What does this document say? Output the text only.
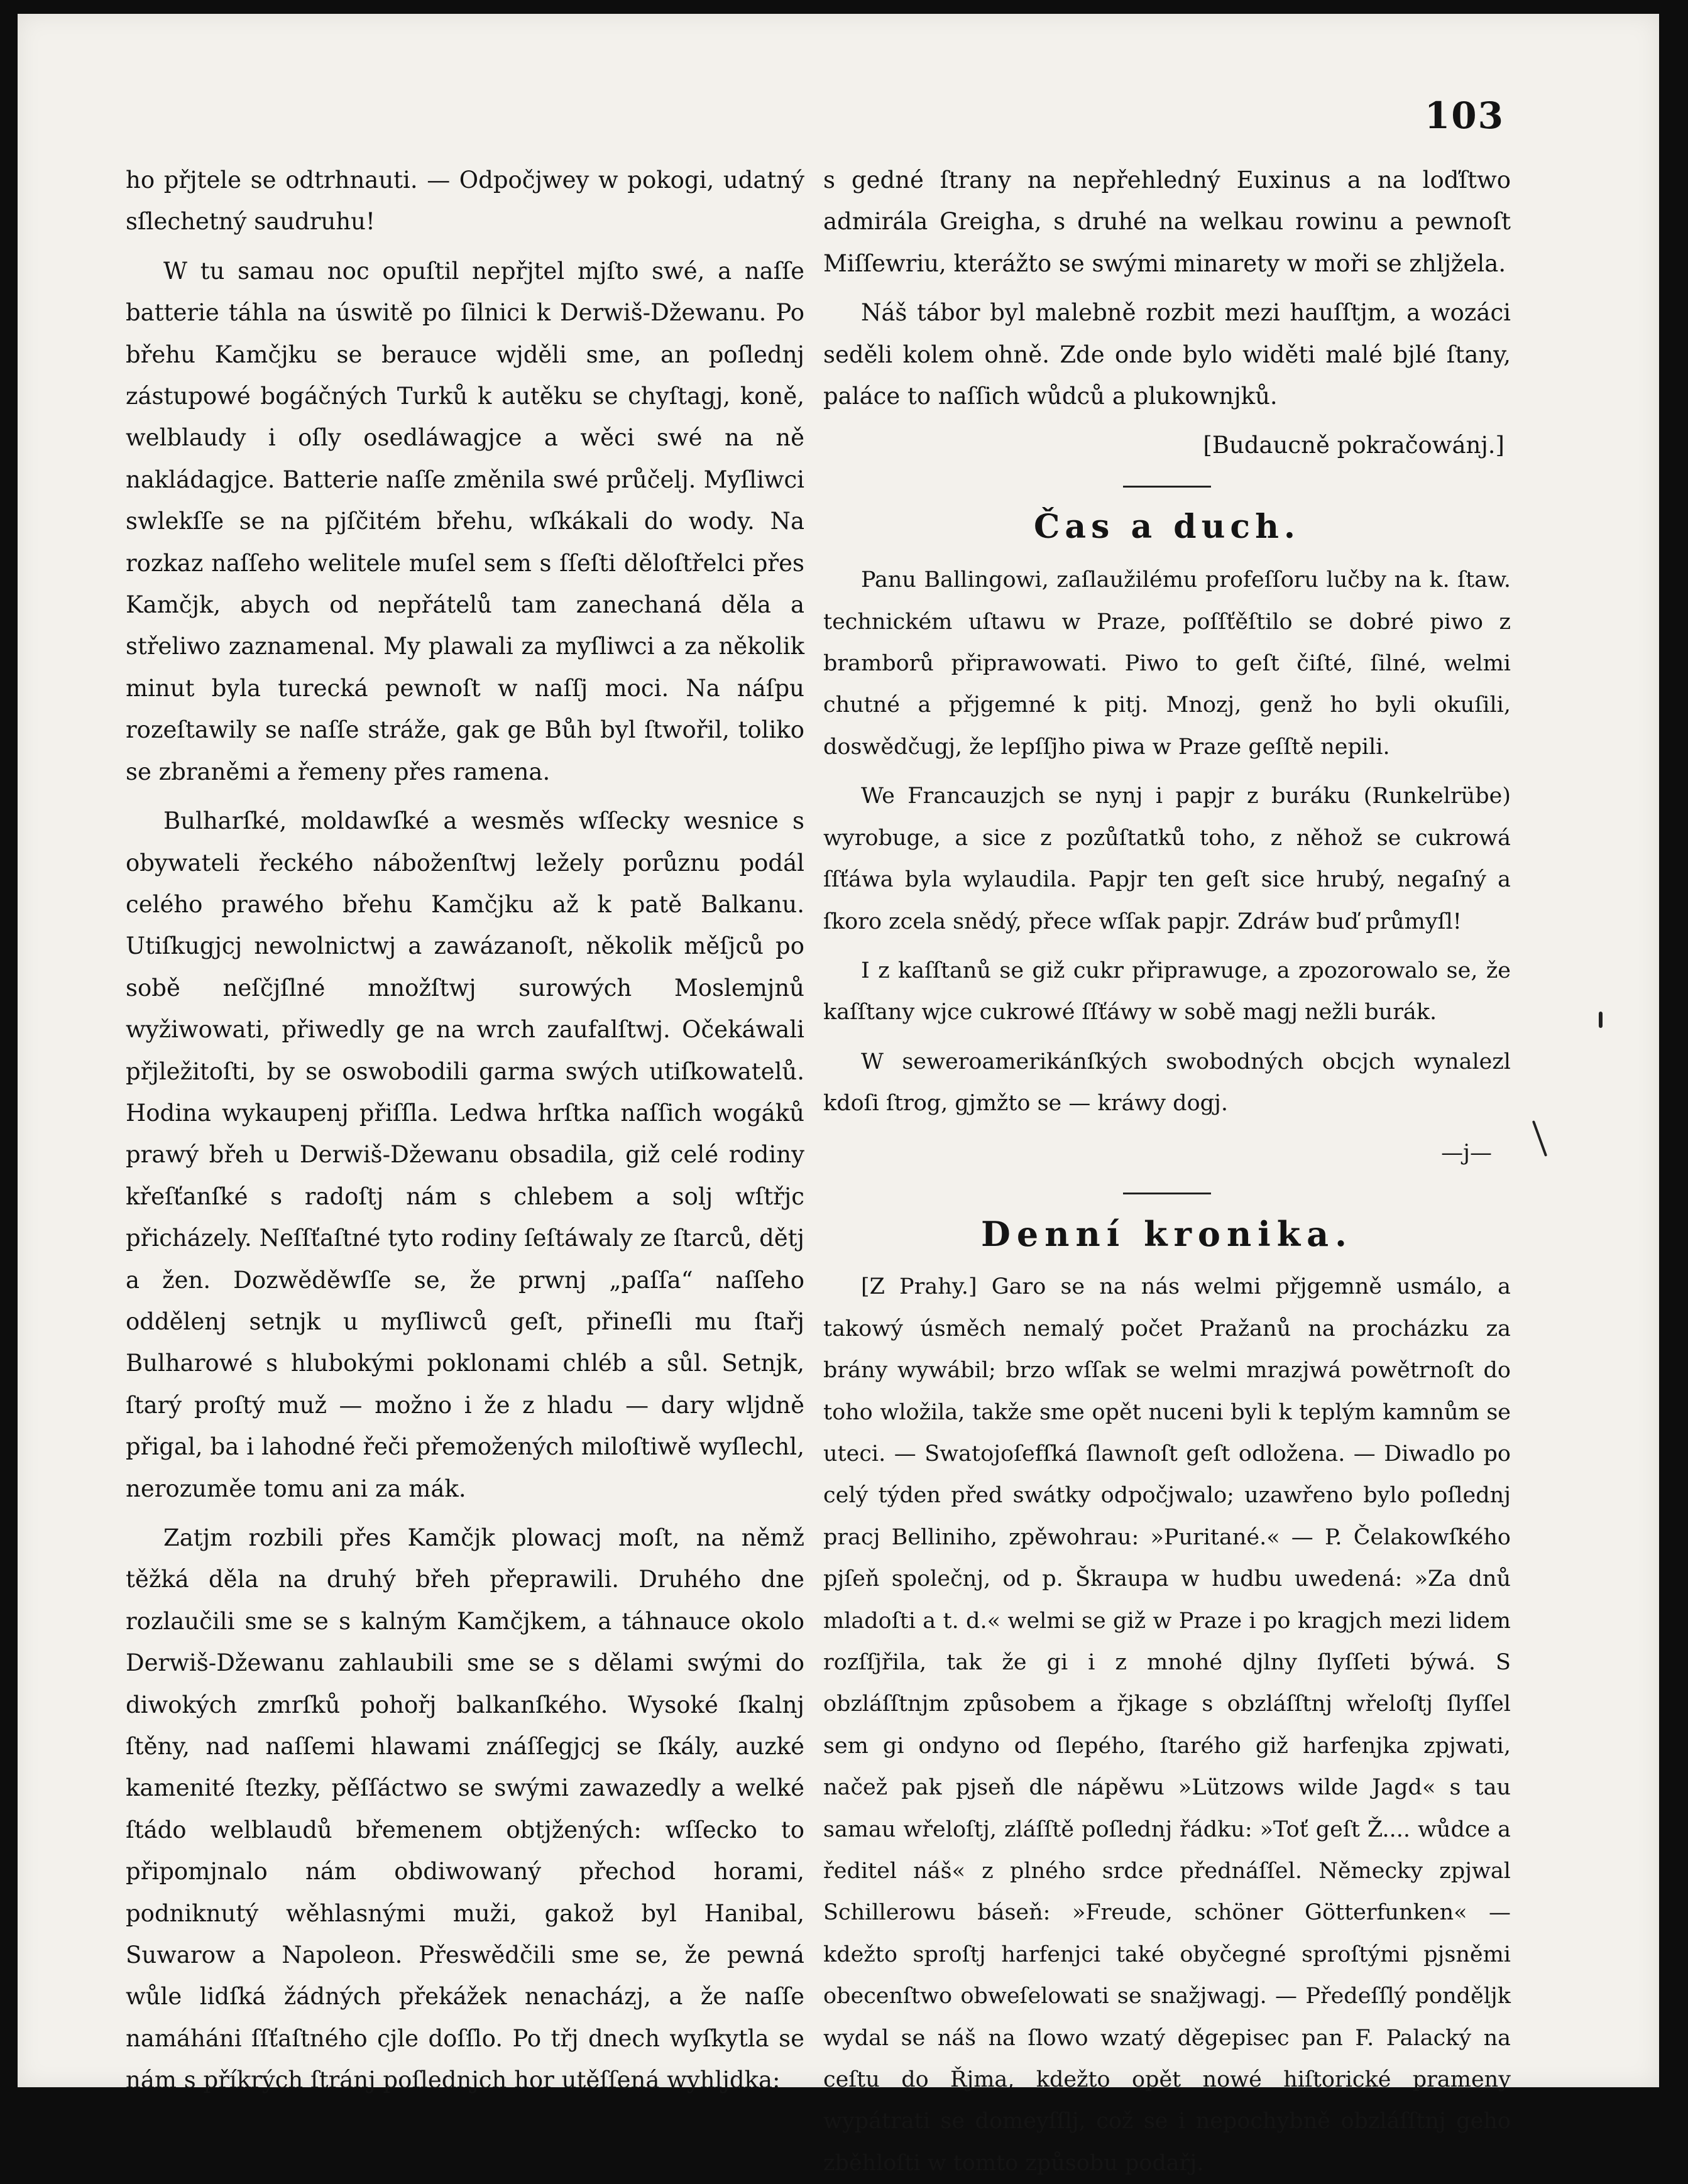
103

ho přjtele se odtrhnauti. — Odpočjwey w pokogi, udatný sſlechetný saudruhu!

W tu samau noc opuſtil nepřjtel mjſto swé, a naſſe batterie táhla na úswitě po ſilnici k Derwiš-Džewanu. Po břehu Kamčjku se berauce wjděli sme, an poſlednj zástupowé bogáčných Turků k autěku se chyſtagj, koně, welblaudy i oſly osedláwagjce a wěci swé na ně nakládagjce. Batterie naſſe změnila swé průčelj. Myſliwci swlekſſe se na pjſčitém břehu, wſkákali do wody. Na rozkaz naſſeho welitele muſel sem s ſſeſti děloſtřelci přes Kamčjk, abych od nepřátelů tam zanechaná děla a střeliwo zaznamenal. My plawali za myſliwci a za několik minut byla turecká pewnoſt w naſſj moci. Na náſpu rozeſtawily se naſſe stráže, gak ge Bůh byl ſtwořil, toliko se zbraněmi a řemeny přes ramena.

Bulharſké, moldawſké a wesměs wſſecky wesnice s obywateli řeckého náboženſtwj ležely porůznu podál celého prawého břehu Kamčjku až k patě Balkanu. Utiſkugjcj newolnictwj a zawázanoſt, několik měſjců po sobě neſčjſlné množſtwj surowých Moslemjnů wyžiwowati, přiwedly ge na wrch zaufalſtwj. Očekáwali přjležitoſti, by se oswobodili garma swých utiſkowatelů. Hodina wykaupenj přiſſla. Ledwa hrſtka naſſich wogáků prawý břeh u Derwiš-Džewanu obsadila, giž celé rodiny křeſťanſké s radoſtj nám s chlebem a solj wſtřjc přicházely. Neſſťaſtné tyto rodiny ſeſtáwaly ze ſtarců, dětj a žen. Dozwěděwſſe se, že prwnj „paſſa“ naſſeho oddělenj setnjk u myſliwců geſt, přineſli mu ſtařj Bulharowé s hlubokými poklonami chléb a sůl. Setnjk, ſtarý proſtý muž — možno i že z hladu — dary wljdně přigal, ba i lahodné řeči přemožených miloſtiwě wyſlechl, nerozuměe tomu ani za mák.

Zatjm rozbili přes Kamčjk plowacj moſt, na němž těžká děla na druhý břeh přeprawili. Druhého dne rozlaučili sme se s kalným Kamčjkem, a táhnauce okolo Derwiš-Džewanu zahlaubili sme se s dělami swými do diwokých zmrſků pohořj balkanſkého. Wysoké ſkalnj ſtěny, nad naſſemi hlawami znáſſegjcj se ſkály, auzké kamenité ſtezky, pěſſáctwo se swými zawazedly a welké ſtádo welblaudů břemenem obtjžených: wſſecko to připomjnalo nám obdiwowaný přechod horami, podniknutý wěhlasnými muži, gakož byl Hanibal, Suwarow a Napoleon. Přeswědčili sme se, že pewná wůle lidſká žádných překážek nenacházj, a že naſſe namáháni ſſťaſtného cjle doſſlo. Po třj dnech wyſkytla se nám s příkrých ſtránj poſlednjch hor utěſſená wyhljdka:

s gedné ſtrany na nepřehledný Euxinus a na loďſtwo admirála Greigha, s druhé na welkau rowinu a pewnoſt Miſſewriu, kterážto se swými minarety w moři se zhljžela.

Náš tábor byl malebně rozbit mezi hauſſtjm, a wozáci seděli kolem ohně. Zde onde bylo widěti malé bjlé ſtany, paláce to naſſich wůdců a plukownjků.

[Budaucně pokračowánj.]

Čas a duch.

Panu Ballingowi, zaſlaužilému profeſſoru lučby na k. ſtaw. technickém uſtawu w Praze, poſſťěſtilo se dobré piwo z bramborů připrawowati. Piwo to geſt čiſté, ſilné, welmi chutné a přjgemné k pitj. Mnozj, genž ho byli okuſili, doswědčugj, že lepſſjho piwa w Praze geſſtě nepili.

We Francauzjch se nynj i papjr z buráku (Runkelrübe) wyrobuge, a sice z pozůſtatků toho, z něhož se cukrowá ſſťáwa byla wylaudila. Papjr ten geſt sice hrubý, negaſný a ſkoro zcela snědý, přece wſſak papjr. Zdráw buď průmyſl!

I z kaſſtanů se giž cukr připrawuge, a zpozorowalo se, že kaſſtany wjce cukrowé ſſťáwy w sobě magj nežli burák.

W seweroamerikánſkých swobodných obcjch wynalezl kdoſi ſtrog, gjmžto se — kráwy dogj.

—j—

Denní kronika.

[Z Prahy.] Garo se na nás welmi přjgemně usmálo, a takowý úsměch nemalý počet Pražanů na procházku za brány wywábil; brzo wſſak se welmi mrazjwá powětrnoſt do toho wložila, takže sme opět nuceni byli k teplým kamnům se uteci. — Swatojoſefſká ſlawnoſt geſt odložena. — Diwadlo po celý týden před swátky odpočjwalo; uzawřeno bylo poſlednj pracj Belliniho, zpěwohrau: »Puritané.« — P. Čelakowſkého pjſeň společnj, od p. Škraupa w hudbu uwedená: »Za dnů mladoſti a t. d.« welmi se giž w Praze i po kragjch mezi lidem rozſſjřila, tak že gi i z mnohé djlny ſlyſſeti býwá. S obzláſſtnjm způsobem a řjkage s obzláſſtnj wřeloſtj ſlyſſel sem gi ondyno od ſlepého, ſtarého giž harfenjka zpjwati, načež pak pjseň dle nápěwu »Lützows wilde Jagd« s tau samau wřeloſtj, zláſſtě poſlednj řádku: »Toť geſt Ž.... wůdce a ředitel náš« z plného srdce přednáſſel. Německy zpjwal Schillerowu báseň: »Freude, schöner Götterfunken« — kdežto sproſtj harfenjci také obyčegné sproſtými pjsněmi obecenſtwo obweſelowati se snažjwagj. — Předeſſlý ponděljk wydal se náš na ſlowo wzatý děgepisec pan F. Palacký na ceſtu do Řjma, kdežto opět nowé hiſtorické prameny wypátrati se domeyſſlj, což se i nepochybně obzláſſtnj geho zběhloſti w tomto způsobu podařj.
